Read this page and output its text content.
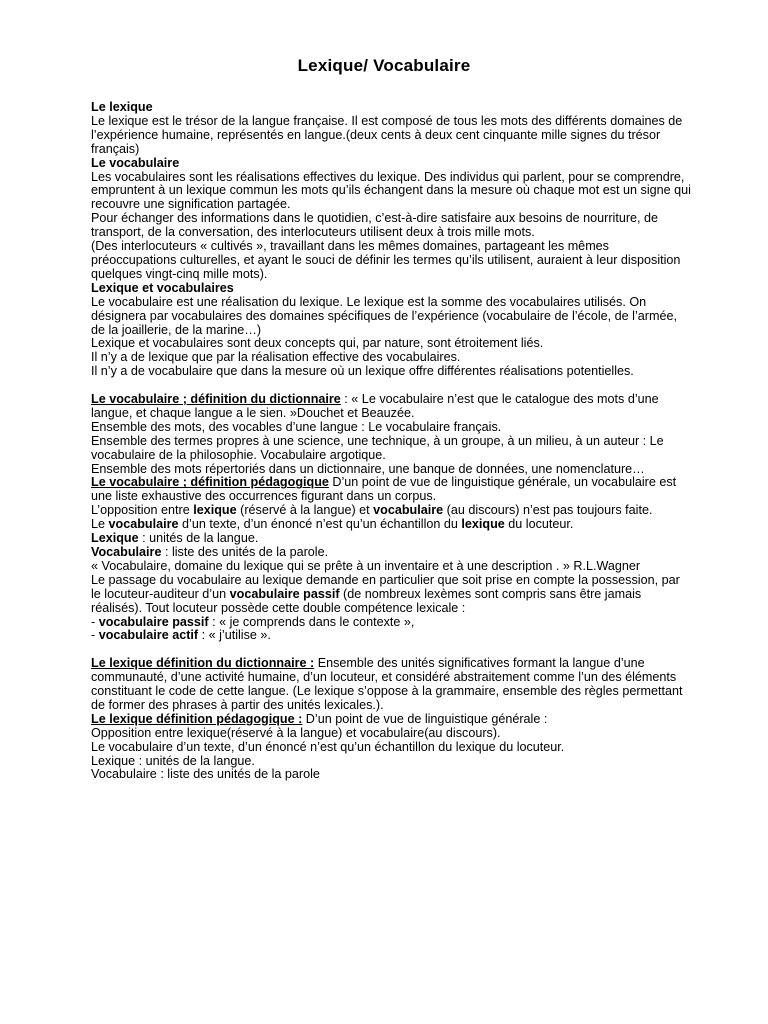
Lexique/ Vocabulaire

Le lexique

Le lexique est le trésor de la langue française. Il est composé de tous les mots des différents domaines de l’expérience humaine, représentés en langue.(deux cents à deux cent cinquante mille signes du trésor français)

Le vocabulaire

Les vocabulaires sont les réalisations effectives du lexique. Des individus qui parlent, pour se comprendre, empruntent à un lexique commun les mots qu’ils échangent dans la mesure où chaque mot est un signe qui recouvre une signification partagée.

Pour échanger des informations dans le quotidien, c’est-à-dire satisfaire aux besoins de nourriture, de transport, de la conversation, des interlocuteurs utilisent deux à trois mille mots.

(Des interlocuteurs « cultivés », travaillant dans les mêmes domaines, partageant les mêmes préoccupations culturelles, et ayant le souci de définir les termes qu’ils utilisent, auraient à leur disposition quelques vingt-cinq mille mots).

Lexique et vocabulaires

Le vocabulaire est une réalisation du lexique. Le lexique est la somme des vocabulaires utilisés. On désignera par vocabulaires des domaines spécifiques de l’expérience (vocabulaire de l’école, de l’armée, de la joaillerie, de la marine…)

Lexique et vocabulaires sont deux concepts qui, par nature, sont étroitement liés.

Il n’y a de lexique que par la réalisation effective des vocabulaires.

Il n’y a de vocabulaire que dans la mesure où un lexique offre différentes réalisations potentielles.

Le vocabulaire ; définition du dictionnaire : « Le vocabulaire n’est que le catalogue des mots d’une langue, et chaque langue a le sien. »Douchet et Beauzée.

Ensemble des mots, des vocables d’une langue : Le vocabulaire français.

Ensemble des termes propres à une science, une technique, à un groupe, à un milieu, à un auteur : Le vocabulaire de la philosophie. Vocabulaire argotique.

Ensemble des mots répertoriés dans un dictionnaire, une banque de données, une nomenclature…

Le vocabulaire ; définition pédagogique D’un point de vue de linguistique générale, un vocabulaire est une liste exhaustive des occurrences figurant dans un corpus.

L’opposition entre lexique (réservé à la langue) et vocabulaire (au discours) n’est pas toujours faite.

Le vocabulaire d’un texte, d’un énoncé n’est qu’un échantillon du lexique du locuteur.

Lexique : unités de la langue.

Vocabulaire : liste des unités de la parole.

« Vocabulaire, domaine du lexique qui se prête à un inventaire et à une description . » R.L.Wagner

Le passage du vocabulaire au lexique demande en particulier que soit prise en compte la possession, par le locuteur-auditeur d’un vocabulaire passif (de nombreux lexèmes sont compris sans être jamais réalisés). Tout locuteur possède cette double compétence lexicale :

- vocabulaire passif : « je comprends dans le contexte »,

- vocabulaire actif : « j’utilise ».

Le lexique définition du dictionnaire : Ensemble des unités significatives formant la langue d’une communauté, d’une activité humaine, d’un locuteur, et considéré abstraitement comme l’un des éléments constituant le code de cette langue. (Le lexique s’oppose à la grammaire, ensemble des règles permettant de former des phrases à partir des unités lexicales.).

Le lexique définition pédagogique : D’un point de vue de linguistique générale :

Opposition entre lexique(réservé à la langue) et vocabulaire(au discours).

Le vocabulaire d’un texte, d’un énoncé n’est qu’un échantillon du lexique du locuteur.

Lexique : unités de la langue.

Vocabulaire : liste des unités de la parole
